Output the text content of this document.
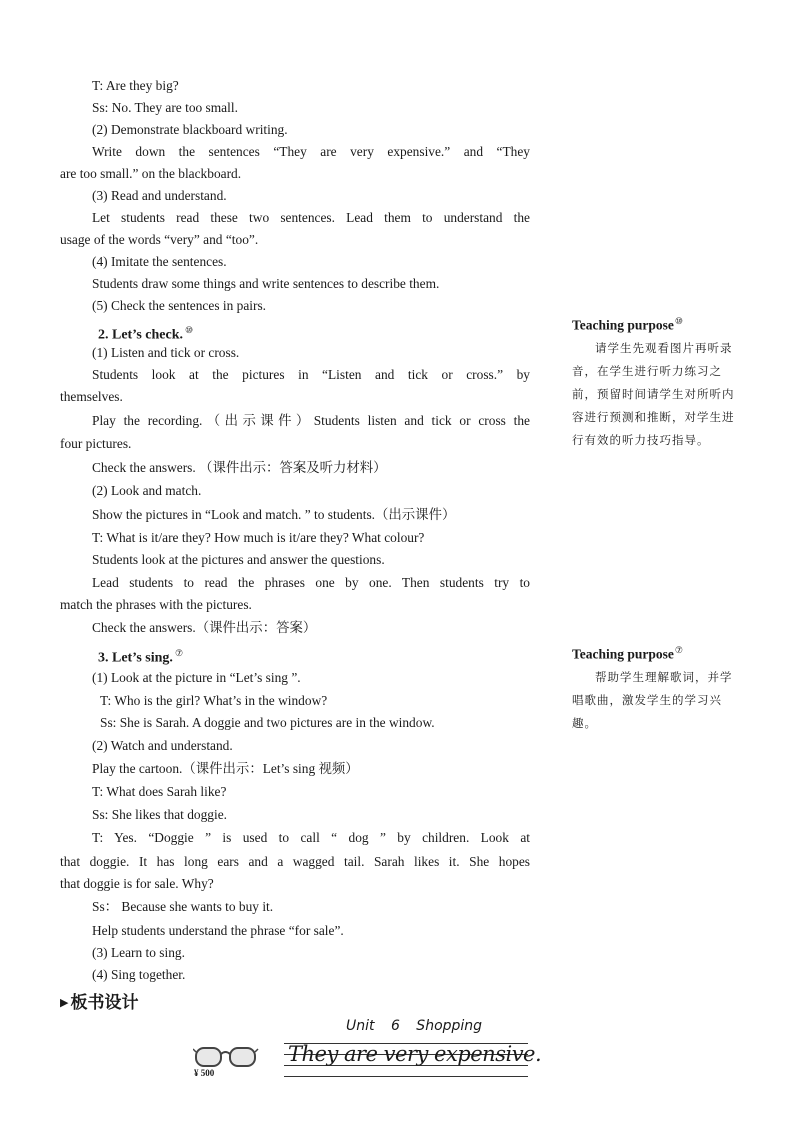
T: Are they big?
Ss: No. They are too small.
(2) Demonstrate blackboard writing.
Write down the sentences “They are very expensive.” and “They
are too small.” on the blackboard.
(3) Read and understand.
Let students read these two sentences. Lead them to understand the
usage of the words “very” and “too”.
(4) Imitate the sentences.
Students draw some things and write sentences to describe them.
(5) Check the sentences in pairs.
(1) Listen and tick or cross.
Students look at the pictures in “Listen and tick or cross.” by
themselves.
Play the recording.（出示课件）Students listen and tick or cross the
four pictures.
Check the answers. （课件出示：答案及听力材料）
(2) Look and match.
Show the pictures in “Look and match. ” to students.（出示课件）
T: What is it/are they? How much is it/are they? What colour?
Students look at the pictures and answer the questions.
Lead students to read the phrases one by one. Then students try to
match the phrases with the pictures.
Check the answers.（课件出示：答案）
(1) Look at the picture in “Let’s sing ”.
T: Who is the girl? What’s in the window?
Ss: She is Sarah. A doggie and two pictures are in the window.
(2) Watch and understand.
Play the cartoon.（课件出示：Let’s sing 视频）
T: What does Sarah like?
Ss: She likes that doggie.
T: Yes. “Doggie ” is used to call “ dog ” by children. Look at
that doggie. It has long ears and a wagged tail. Sarah likes it. She hopes
that doggie is for sale. Why?
Ss： Because she wants to buy it.
Help students understand the phrase “for sale”.
(3) Learn to sing.
(4) Sing together.
2. Let’s check. ⑩
3. Let’s sing. ⑦
Teaching purpose⑩
请学生先观看图片再听录音，在学生进行听力练习之前，预留时间请学生对所听内容进行预测和推断，对学生进行有效的听力技巧指导。
Teaching purpose⑦
帮助学生理解歌词，并学唱歌曲，激发学生的学习兴趣。
▶ 板书设计
Unit 6 Shopping
¥ 500
They are very expensive.
